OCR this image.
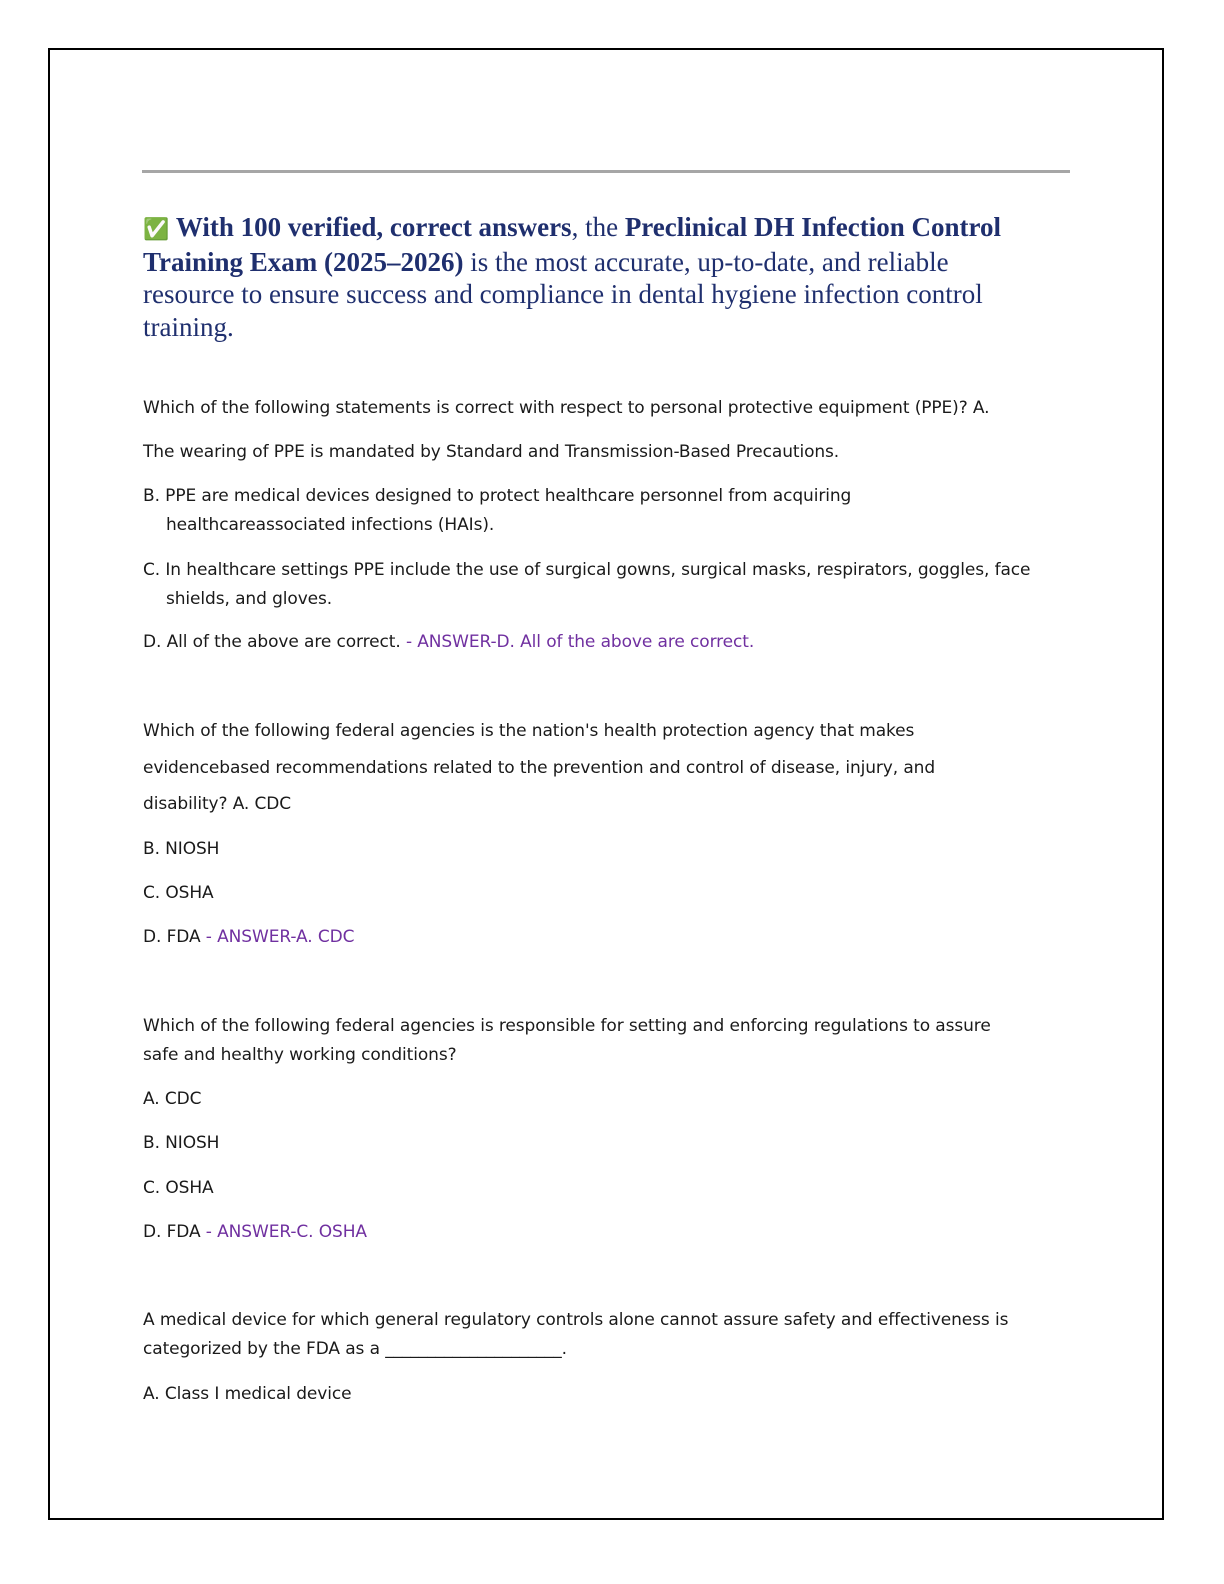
✅ With 100 verified, correct answers, the Preclinical DH Infection Control
Training Exam (2025–2026) is the most accurate, up-to-date, and reliable
resource to ensure success and compliance in dental hygiene infection control
training.
Which of the following statements is correct with respect to personal protective equipment (PPE)? A.
The wearing of PPE is mandated by Standard and Transmission-Based Precautions.
B. PPE are medical devices designed to protect healthcare personnel from acquiring
healthcareassociated infections (HAIs).
C. In healthcare settings PPE include the use of surgical gowns, surgical masks, respirators, goggles, face
shields, and gloves.
D. All of the above are correct. - ANSWER-D. All of the above are correct.
Which of the following federal agencies is the nation's health protection agency that makes
evidencebased recommendations related to the prevention and control of disease, injury, and
disability? A. CDC
B. NIOSH
C. OSHA
D. FDA - ANSWER-A. CDC
Which of the following federal agencies is responsible for setting and enforcing regulations to assure
safe and healthy working conditions?
A. CDC
B. NIOSH
C. OSHA
D. FDA - ANSWER-C. OSHA
A medical device for which general regulatory controls alone cannot assure safety and effectiveness is
categorized by the FDA as a _____________________.
A. Class I medical device
